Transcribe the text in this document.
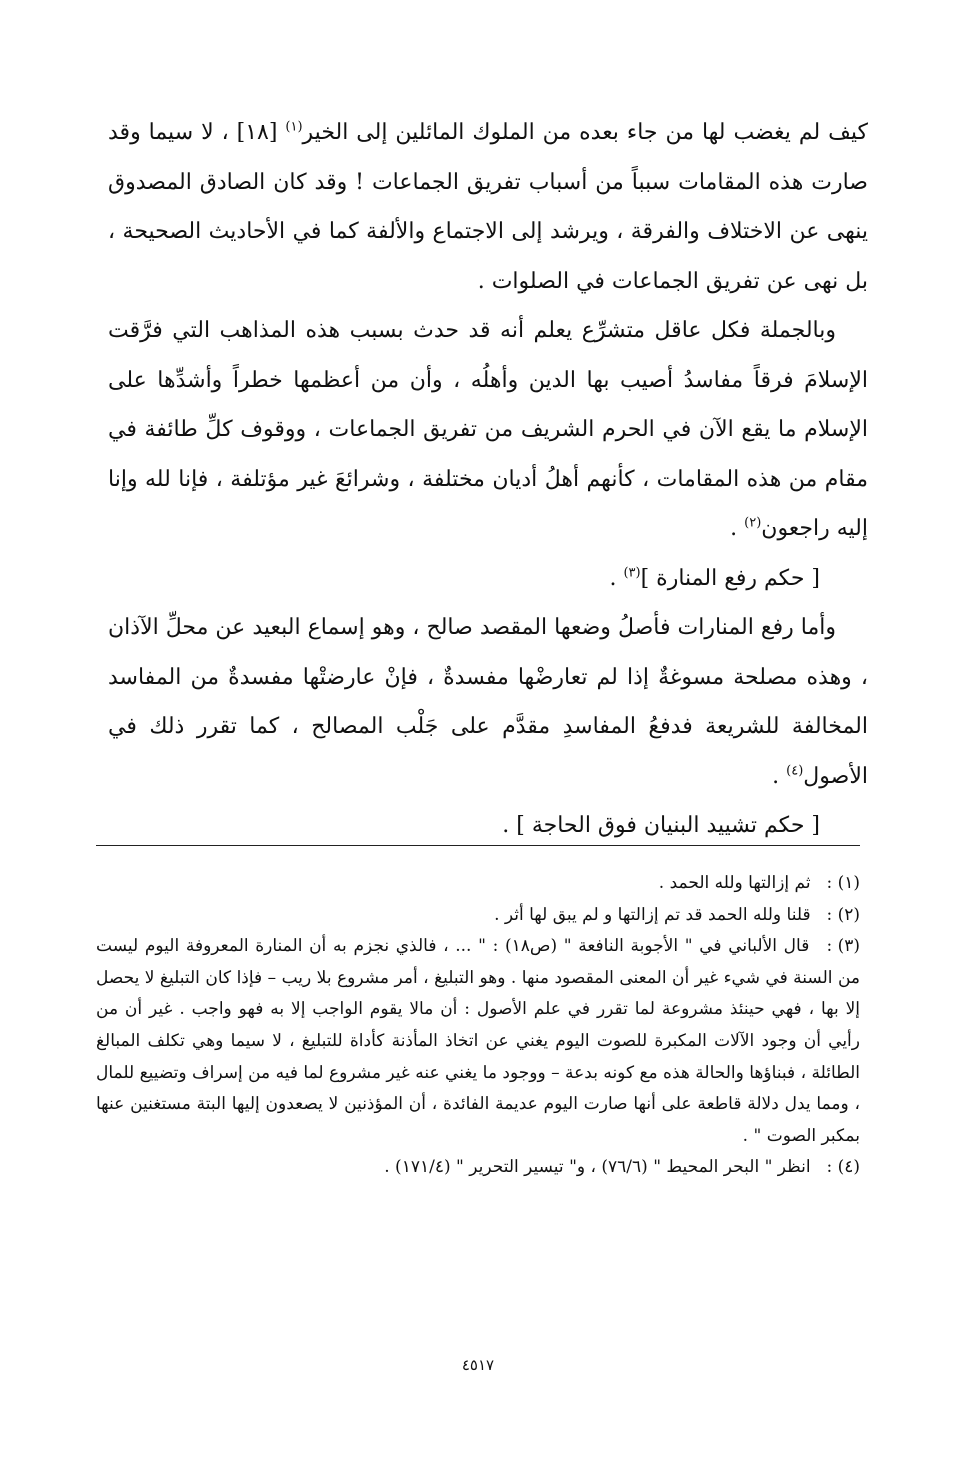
كيف لم يغضب لها من جاء بعده من الملوك المائلين إلى الخير$^{(١)}$ [١٨] ، لا سيما وقد صارت هذه المقامات سبباً من أسباب تفريق الجماعات ! وقد كان الصادق المصدوق ينهى عن الاختلاف والفرقة ، ويرشد إلى الاجتماع والألفة كما في الأحاديث الصحيحة ، بل نهى عن تفريق الجماعات في الصلوات .

وبالجملة فكل عاقل متشرِّع يعلم أنه قد حدث بسبب هذه المذاهب التي فرَّقت الإسلامَ فرقاً مفاسدُ أصيب بها الدين وأهلُه ، وأن من أعظمها خطراً وأشدِّها على الإسلام ما يقع الآن في الحرم الشريف من تفريق الجماعات ، ووقوف كلِّ طائفة في مقام من هذه المقامات ، كأنهم أهلُ أديان مختلفة ، وشرائعَ غير مؤتلفة ، فإنا لله وإنا إليه راجعون$^{(٢)}$ .

[ حكم رفع المنارة ]$^{(٣)}$ .

وأما رفع المنارات فأصلُ وضعها المقصد صالح ، وهو إسماع البعيد عن محلِّ الآذان ، وهذه مصلحة مسوغةٌ إذا لم تعارضْها مفسدةٌ ، فإنْ عارضتْها مفسدةٌ من المفاسد المخالفة للشريعة فدفعُ المفاسدِ مقدَّم على جَلْب المصالح ، كما تقرر ذلك في الأصول$^{(٤)}$ .

[ حكم تشييد البنيان فوق الحاجة ] .

(١) : ثم إزالتها ولله الحمد .

(٢) : قلنا ولله الحمد قد تم إزالتها و لم يبق لها أثر .

(٣) : قال الألباني في " الأجوبة النافعة " (ص١٨) : " ... ، فالذي نجزم به أن المنارة المعروفة اليوم ليست من السنة في شيء غير أن المعنى المقصود منها . وهو التبليغ ، أمر مشروع بلا ريب – فإذا كان التبليغ لا يحصل إلا بها ، فهي حينئذ مشروعة لما تقرر في علم الأصول : أن مالا يقوم الواجب إلا به فهو واجب . غير أن من رأيي أن وجود الآلات المكبرة للصوت اليوم يغني عن اتخاذ المأذنة كأداة للتبليغ ، لا سيما وهي تكلف المبالغ الطائلة ، فبناؤها والحالة هذه مع كونه بدعة – ووجود ما يغني عنه غير مشروع لما فيه من إسراف وتضييع للمال ، ومما يدل دلالة قاطعة على أنها صارت اليوم عديمة الفائدة ، أن المؤذنين لا يصعدون إليها البتة مستغنين عنها بمكبر الصوت " .

(٤) : انظر " البحر المحيط " (٧٦/٦) ، و" تيسير التحرير " (١٧١/٤) .

٤٥١٧
